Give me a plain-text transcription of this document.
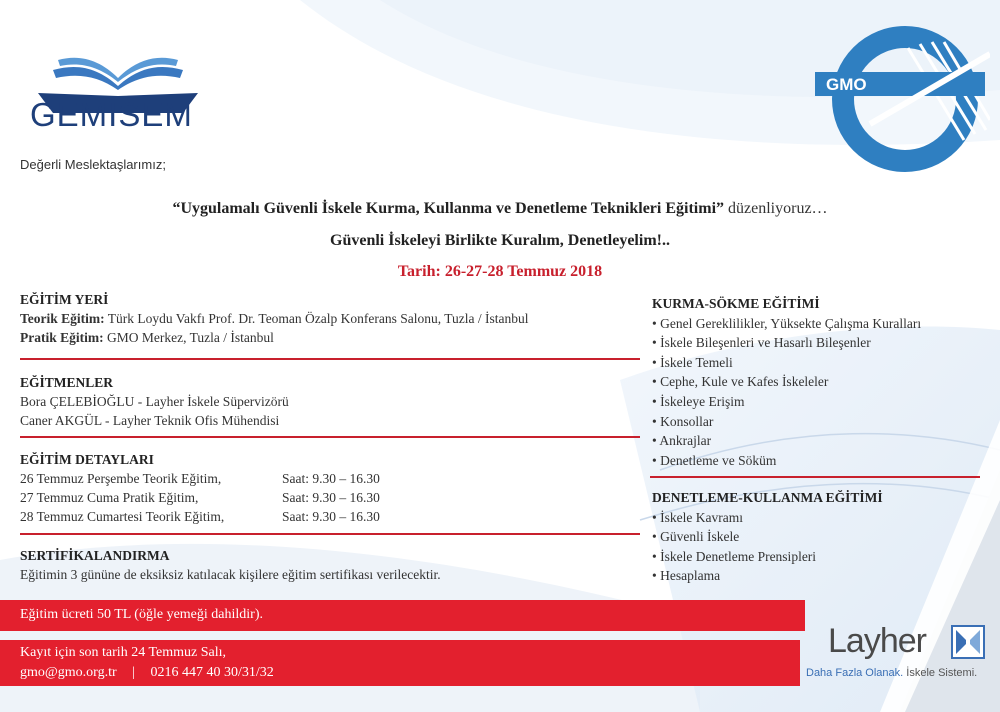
GEMİSEM
GMO
Değerli Meslektaşlarımız;
“Uygulamalı Güvenli İskele Kurma, Kullanma ve Denetleme Teknikleri Eğitimi” düzenliyoruz…
Güvenli İskeleyi Birlikte Kuralım, Denetleyelim!..
Tarih: 26-27-28 Temmuz 2018
EĞİTİM YERİ
Teorik Eğitim: Türk Loydu Vakfı Prof. Dr. Teoman Özalp Konferans Salonu, Tuzla / İstanbul
Pratik Eğitim: GMO Merkez, Tuzla / İstanbul
EĞİTMENLER
Bora ÇELEBİOĞLU - Layher İskele Süpervizörü
Caner AKGÜL - Layher Teknik Ofis Mühendisi
EĞİTİM DETAYLARI
26 Temmuz Perşembe Teorik Eğitim,	Saat: 9.30 – 16.30
27 Temmuz Cuma Pratik Eğitim,	Saat: 9.30 – 16.30
28 Temmuz Cumartesi Teorik Eğitim,	Saat: 9.30 – 16.30
SERTİFİKALANDIRMA
Eğitimin 3 gününe de eksiksiz katılacak kişilere eğitim sertifikası verilecektir.
KURMA-SÖKME EĞİTİMİ
• Genel Gereklilikler, Yüksekte Çalışma Kuralları
• İskele Bileşenleri ve Hasarlı Bileşenler
• İskele Temeli
• Cephe, Kule ve Kafes İskeleler
• İskeleye Erişim
• Konsollar
• Ankrajlar
• Denetleme ve Söküm
DENETLEME-KULLANMA EĞİTİMİ
• İskele Kavramı
• Güvenli İskele
• İskele Denetleme Prensipleri
• Hesaplama
Eğitim ücreti 50 TL (öğle yemeği dahildir).
Kayıt için son tarih 24 Temmuz Salı,
gmo@gmo.org.tr | 0216 447 40 30/31/32
Layher
Daha Fazla Olanak. İskele Sistemi.
